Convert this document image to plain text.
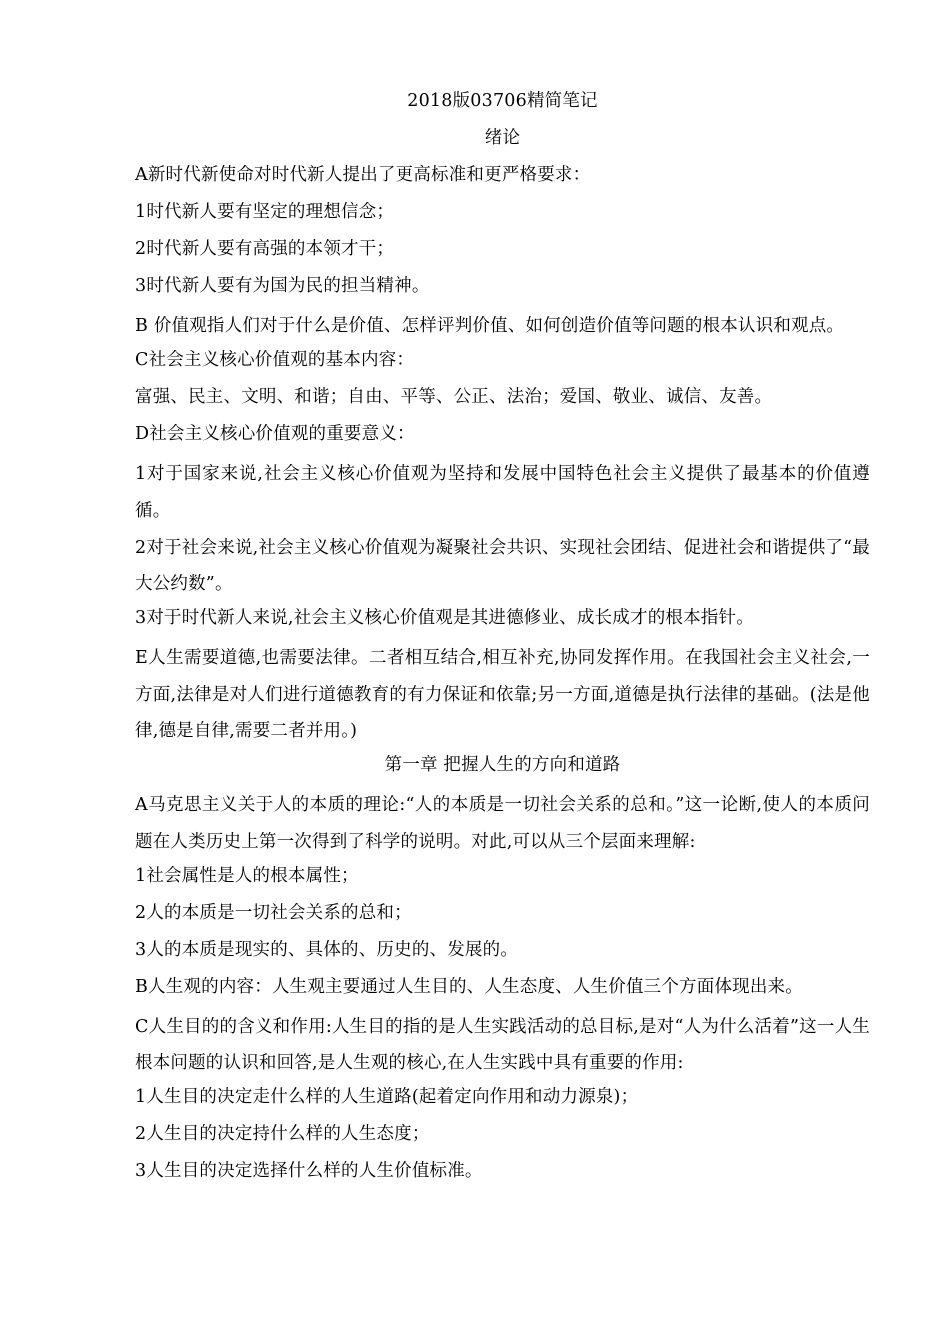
2018版03706精简笔记
绪论
A新时代新使命对时代新人提出了更高标准和更严格要求：
1时代新人要有坚定的理想信念；
2时代新人要有高强的本领才干；
3时代新人要有为国为民的担当精神。
B 价值观指人们对于什么是价值、怎样评判价值、如何创造价值等问题的根本认识和观点。
C社会主义核心价值观的基本内容：
富强、民主、文明、和谐；自由、平等、公正、法治；爱国、敬业、诚信、友善。
D社会主义核心价值观的重要意义：
1对于国家来说,社会主义核心价值观为坚持和发展中国特色社会主义提供了最基本的价值遵循。
2对于社会来说,社会主义核心价值观为凝聚社会共识、实现社会团结、促进社会和谐提供了“最大公约数”。
3对于时代新人来说,社会主义核心价值观是其进德修业、成长成才的根本指针。
E人生需要道德,也需要法律。二者相互结合,相互补充,协同发挥作用。在我国社会主义社会,一方面,法律是对人们进行道德教育的有力保证和依靠;另一方面,道德是执行法律的基础。(法是他律,德是自律,需要二者并用。)
第一章 把握人生的方向和道路
A马克思主义关于人的本质的理论:“人的本质是一切社会关系的总和。”这一论断,使人的本质问题在人类历史上第一次得到了科学的说明。对此,可以从三个层面来理解:
1社会属性是人的根本属性；
2人的本质是一切社会关系的总和；
3人的本质是现实的、具体的、历史的、发展的。
B人生观的内容：人生观主要通过人生目的、人生态度、人生价值三个方面体现出来。
C人生目的的含义和作用:人生目的指的是人生实践活动的总目标,是对“人为什么活着”这一人生根本问题的认识和回答,是人生观的核心,在人生实践中具有重要的作用:
1人生目的决定走什么样的人生道路(起着定向作用和动力源泉)；
2人生目的决定持什么样的人生态度；
3人生目的决定选择什么样的人生价值标准。
